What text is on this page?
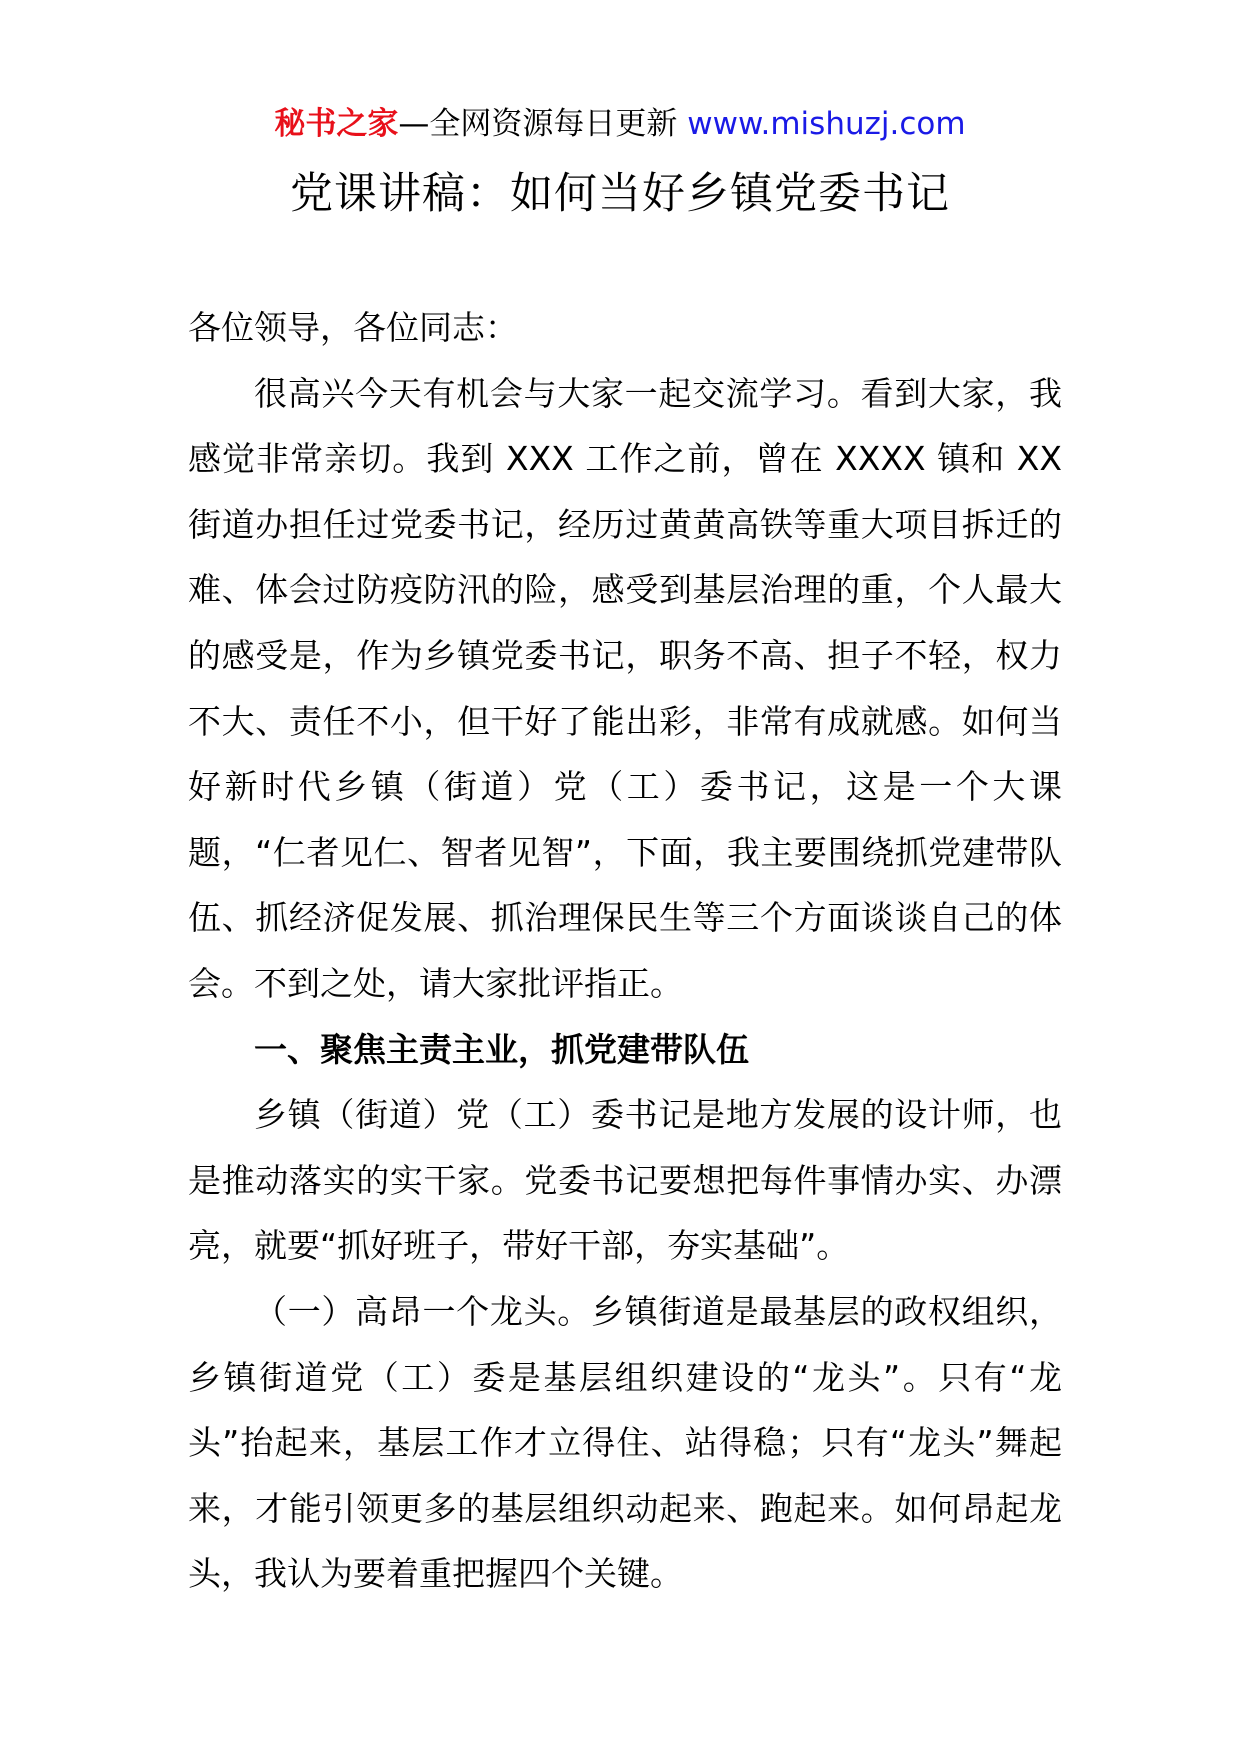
秘书之家—全网资源每日更新 www.mishuzj.com
党课讲稿：如何当好乡镇党委书记

各位领导，各位同志：

很高兴今天有机会与大家一起交流学习。看到大家，我感觉非常亲切。我到 XXX 工作之前，曾在 XXXX 镇和 XX 街道办担任过党委书记，经历过黄黄高铁等重大项目拆迁的难、体会过防疫防汛的险，感受到基层治理的重，个人最大的感受是，作为乡镇党委书记，职务不高、担子不轻，权力不大、责任不小，但干好了能出彩，非常有成就感。如何当好新时代乡镇（街道）党（工）委书记，这是一个大课题，“仁者见仁、智者见智”，下面，我主要围绕抓党建带队伍、抓经济促发展、抓治理保民生等三个方面谈谈自己的体会。不到之处，请大家批评指正。

一、聚焦主责主业，抓党建带队伍

乡镇（街道）党（工）委书记是地方发展的设计师，也是推动落实的实干家。党委书记要想把每件事情办实、办漂亮，就要“抓好班子，带好干部，夯实基础”。

（一）高昂一个龙头。乡镇街道是最基层的政权组织，乡镇街道党（工）委是基层组织建设的“龙头”。只有“龙头”抬起来，基层工作才立得住、站得稳；只有“龙头”舞起来，才能引领更多的基层组织动起来、跑起来。如何昂起龙头，我认为要着重把握四个关键。
